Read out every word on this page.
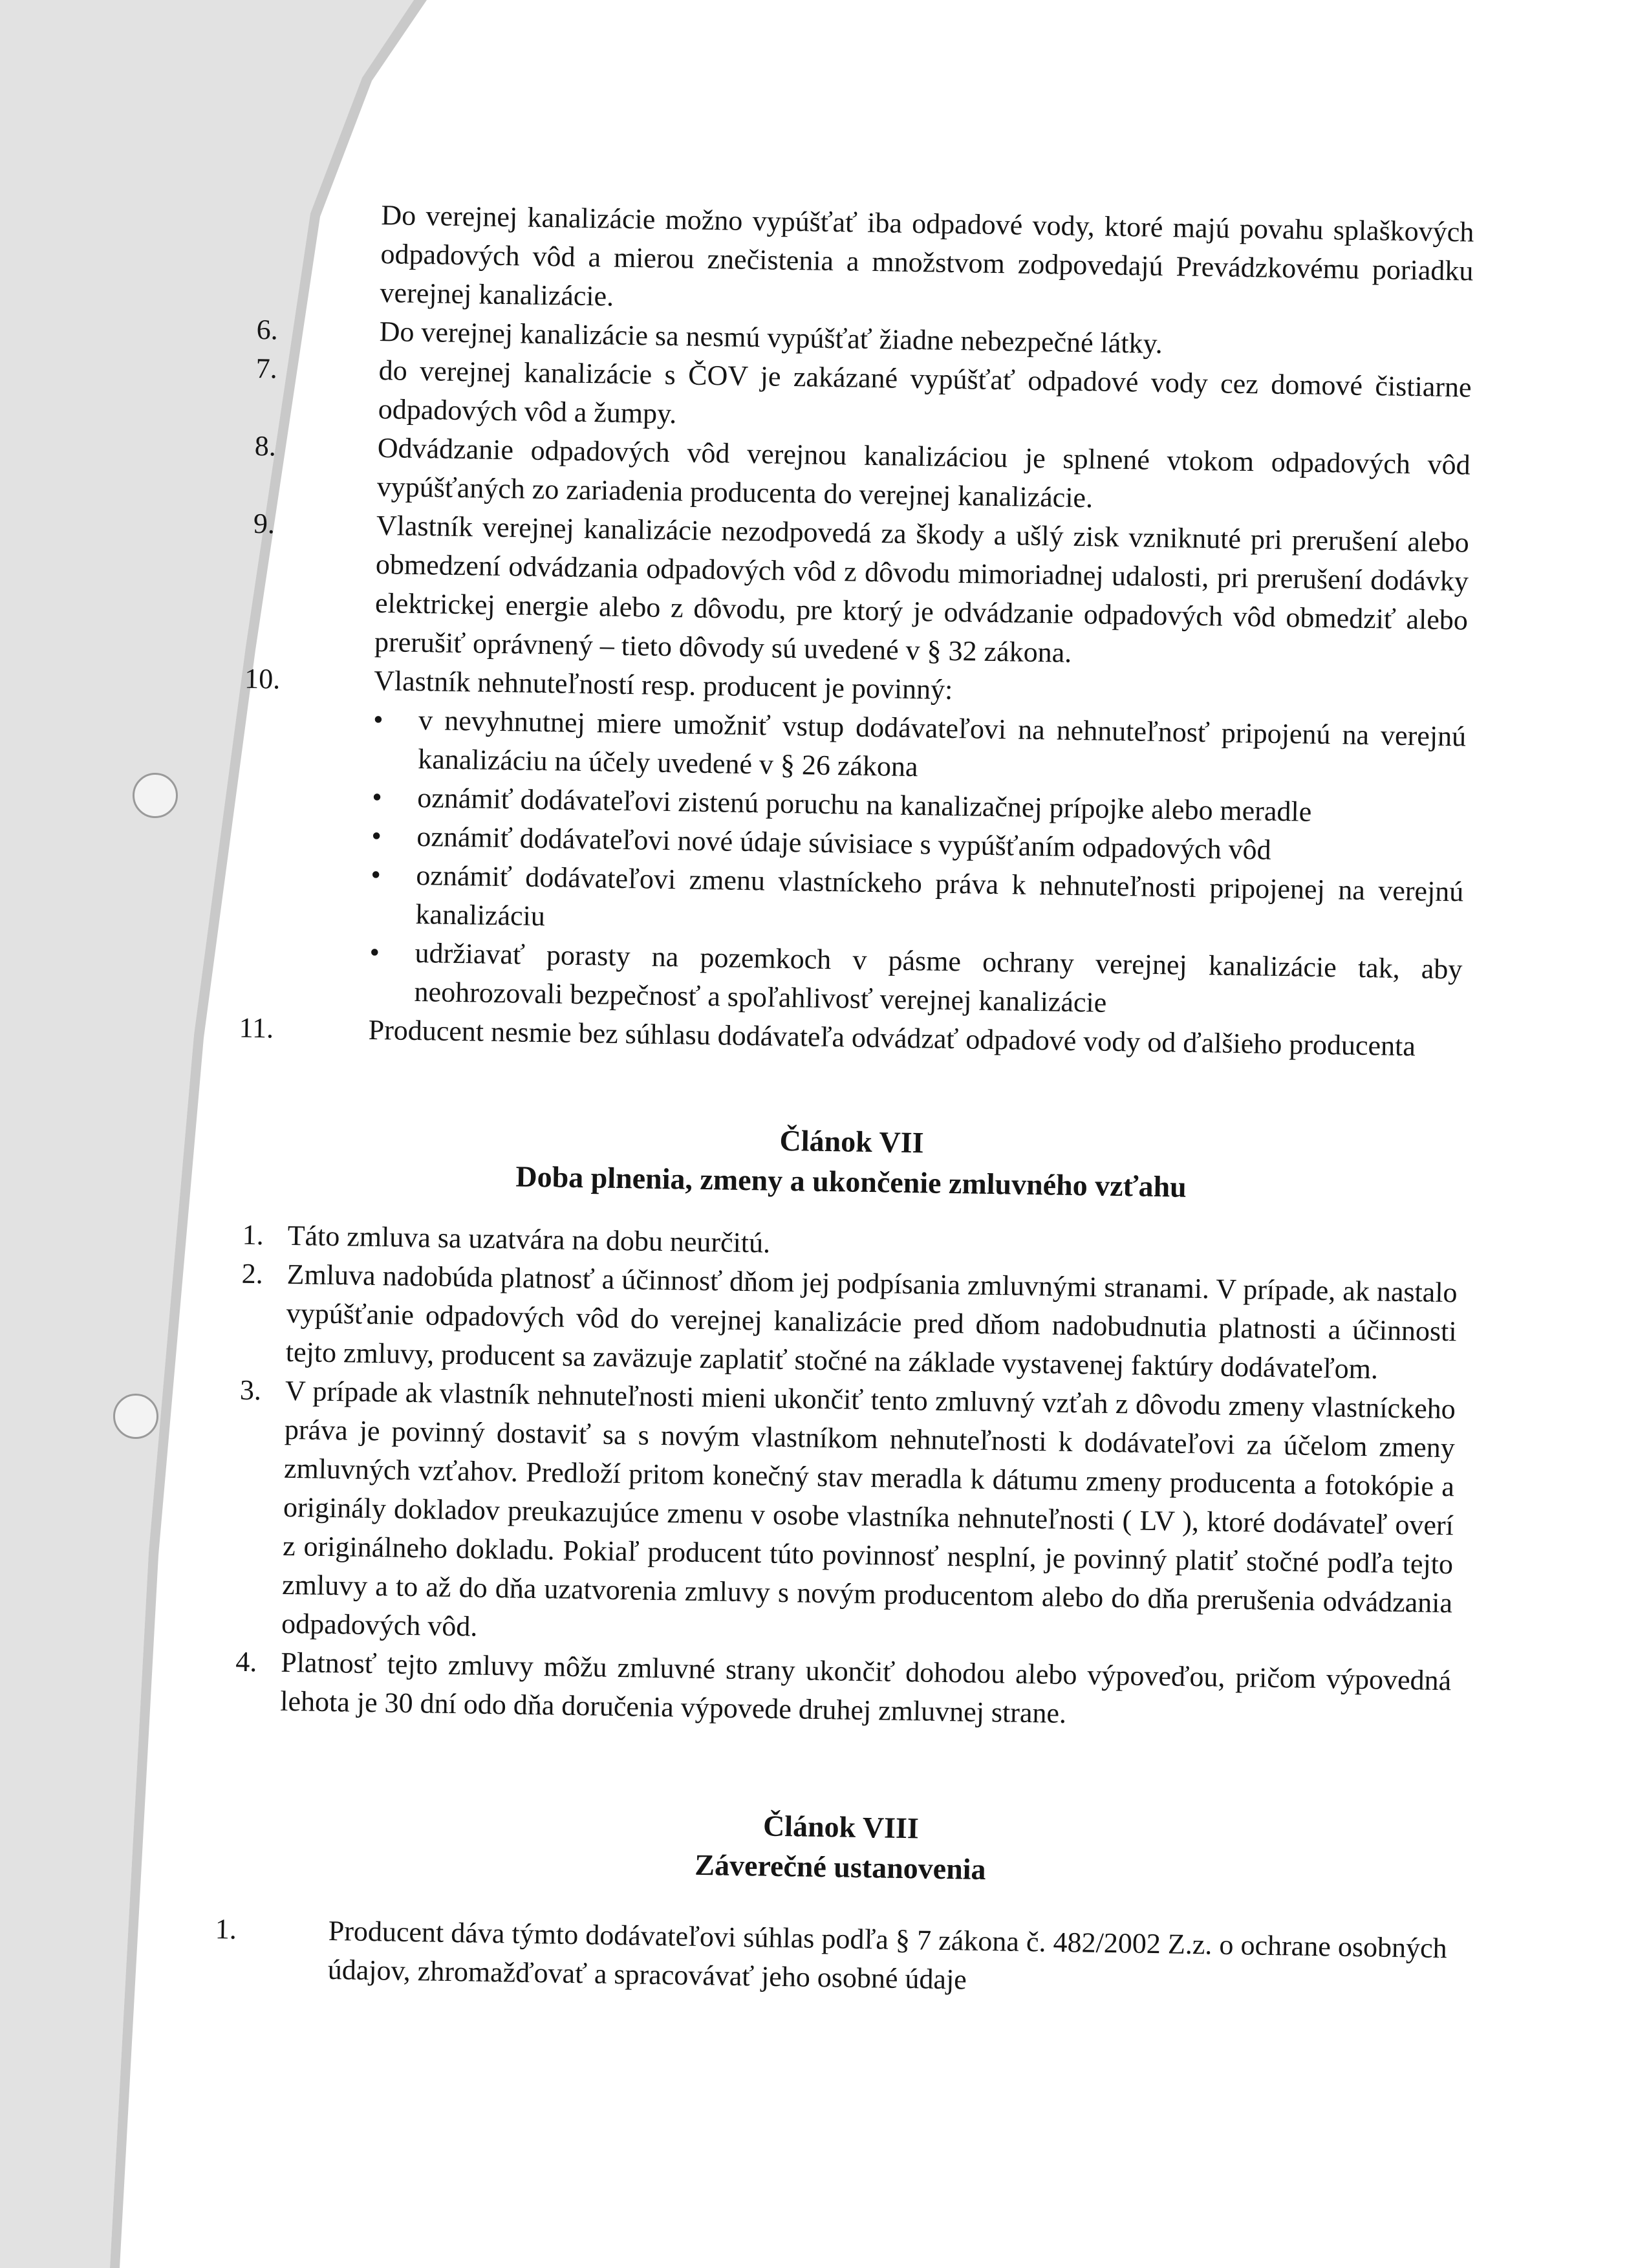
Do verejnej kanalizácie možno vypúšťať iba odpadové vody, ktoré majú povahu splaškových odpadových vôd a mierou znečistenia a množstvom zodpovedajú Prevádzkovému poriadku verejnej kanalizácie.
6.	Do verejnej kanalizácie sa nesmú vypúšťať žiadne nebezpečné látky.
7.	do verejnej kanalizácie s ČOV je zakázané vypúšťať odpadové vody cez domové čistiarne odpadových vôd a žumpy.
8.	Odvádzanie odpadových vôd verejnou kanalizáciou je splnené vtokom odpadových vôd vypúšťaných zo zariadenia producenta do verejnej kanalizácie.
9.	Vlastník verejnej kanalizácie nezodpovedá za škody a ušlý zisk vzniknuté pri prerušení alebo obmedzení odvádzania odpadových vôd z dôvodu mimoriadnej udalosti, pri prerušení dodávky elektrickej energie alebo z dôvodu, pre ktorý je odvádzanie odpadových vôd obmedziť alebo prerušiť oprávnený – tieto dôvody sú uvedené v § 32 zákona.
10.	Vlastník nehnuteľností resp. producent je povinný:
• v nevyhnutnej miere umožniť vstup dodávateľovi na nehnuteľnosť pripojenú na verejnú kanalizáciu na účely uvedené v § 26 zákona
• oznámiť dodávateľovi zistenú poruchu na kanalizačnej prípojke alebo meradle
• oznámiť dodávateľovi nové údaje súvisiace s vypúšťaním odpadových vôd
• oznámiť dodávateľovi zmenu vlastníckeho práva k nehnuteľnosti pripojenej na verejnú kanalizáciu
• udržiavať porasty na pozemkoch v pásme ochrany verejnej kanalizácie tak, aby neohrozovali bezpečnosť a spoľahlivosť verejnej kanalizácie
11.	Producent nesmie bez súhlasu dodávateľa odvádzať odpadové vody od ďalšieho producenta
Článok VII
Doba plnenia, zmeny a ukončenie zmluvného vzťahu
1. Táto zmluva sa uzatvára na dobu neurčitú.
2. Zmluva nadobúda platnosť a účinnosť dňom jej podpísania zmluvnými stranami. V prípade, ak nastalo vypúšťanie odpadových vôd do verejnej kanalizácie pred dňom nadobudnutia platnosti a účinnosti tejto zmluvy, producent sa zaväzuje zaplatiť stočné na základe vystavenej faktúry dodávateľom.
3. V prípade ak vlastník nehnuteľnosti mieni ukončiť tento zmluvný vzťah z dôvodu zmeny vlastníckeho práva je povinný dostaviť sa s novým vlastníkom nehnuteľnosti k dodávateľovi za účelom zmeny zmluvných vzťahov. Predloží pritom konečný stav meradla k dátumu zmeny producenta a fotokópie a originály dokladov preukazujúce zmenu v osobe vlastníka nehnuteľnosti ( LV ), ktoré dodávateľ overí z originálneho dokladu. Pokiaľ producent túto povinnosť nesplní, je povinný platiť stočné podľa tejto zmluvy a to až do dňa uzatvorenia zmluvy s novým producentom alebo do dňa prerušenia odvádzania odpadových vôd.
4. Platnosť tejto zmluvy môžu zmluvné strany ukončiť dohodou alebo výpoveďou, pričom výpovedná lehota je 30 dní odo dňa doručenia výpovede druhej zmluvnej strane.
Článok VIII
Záverečné ustanovenia
1.	Producent dáva týmto dodávateľovi súhlas podľa § 7 zákona č. 482/2002 Z.z. o ochrane osobných údajov, zhromažďovať a spracovávať jeho osobné údaje
